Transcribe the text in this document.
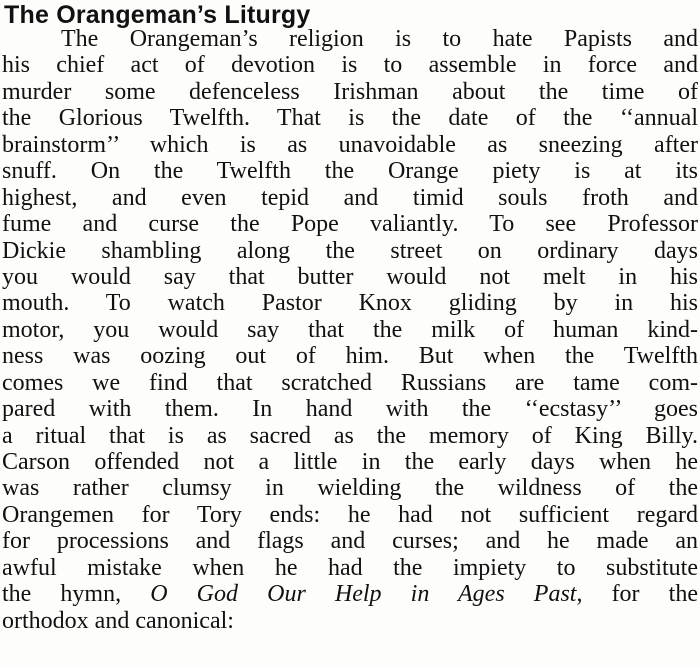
The Orangeman’s Liturgy
The Orangeman’s religion is to hate Papists and
his chief act of devotion is to assemble in force and
murder some defenceless Irishman about the time of
the Glorious Twelfth. That is the date of the ‘‘annual
brainstorm’’ which is as unavoidable as sneezing after
snuff. On the Twelfth the Orange piety is at its
highest, and even tepid and timid souls froth and
fume and curse the Pope valiantly. To see Professor
Dickie shambling along the street on ordinary days
you would say that butter would not melt in his
mouth. To watch Pastor Knox gliding by in his
motor, you would say that the milk of human kind-
ness was oozing out of him. But when the Twelfth
comes we find that scratched Russians are tame com-
pared with them. In hand with the ‘‘ecstasy’’ goes
a ritual that is as sacred as the memory of King Billy.
Carson offended not a little in the early days when he
was rather clumsy in wielding the wildness of the
Orangemen for Tory ends: he had not sufficient regard
for processions and flags and curses; and he made an
awful mistake when he had the impiety to substitute
the hymn, O God Our Help in Ages Past, for the
orthodox and canonical:
